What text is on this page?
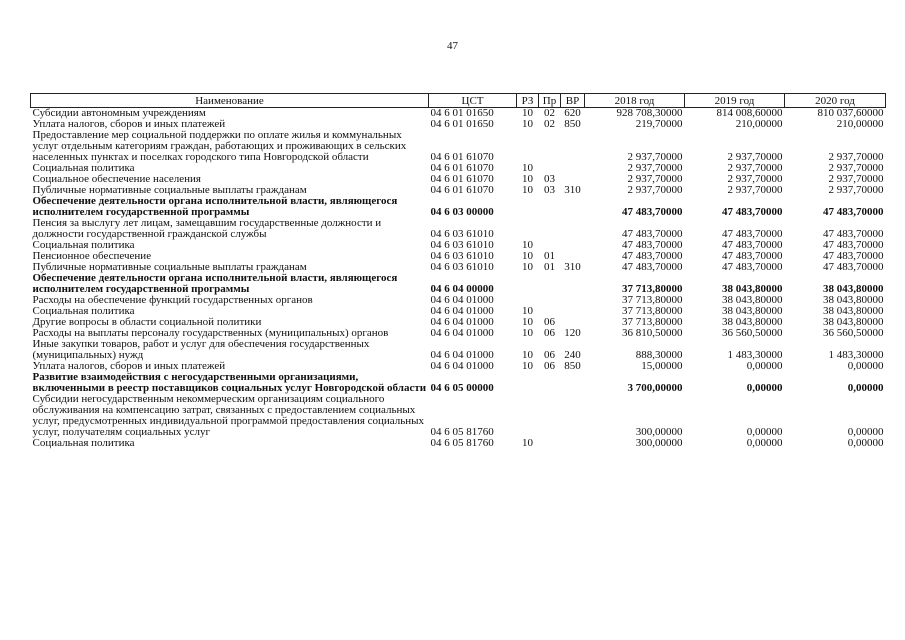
47
Наименование	ЦСТ	РЗ	Пр	ВР	2018 год	2019 год	2020 год
Субсидии автономным учреждениям	04 6 01 01650	10	02	620	928 708,30000	814 008,60000	810 037,60000
Уплата налогов, сборов и иных платежей	04 6 01 01650	10	02	850	219,70000	210,00000	210,00000
Предоставление мер социальной поддержки по оплате жилья и коммунальных услуг отдельным категориям граждан, работающих и проживающих в сельских населенных пунктах и поселках городского типа Новгородской области	04 6 01 61070				2 937,70000	2 937,70000	2 937,70000
Социальная политика	04 6 01 61070	10			2 937,70000	2 937,70000	2 937,70000
Социальное обеспечение населения	04 6 01 61070	10	03		2 937,70000	2 937,70000	2 937,70000
Публичные нормативные социальные выплаты гражданам	04 6 01 61070	10	03	310	2 937,70000	2 937,70000	2 937,70000
Обеспечение деятельности органа исполнительной власти, являющегося исполнителем государственной программы	04 6 03 00000				47 483,70000	47 483,70000	47 483,70000
Пенсия за выслугу лет лицам, замещавшим государственные должности и должности государственной гражданской службы	04 6 03 61010				47 483,70000	47 483,70000	47 483,70000
Социальная политика	04 6 03 61010	10			47 483,70000	47 483,70000	47 483,70000
Пенсионное обеспечение	04 6 03 61010	10	01		47 483,70000	47 483,70000	47 483,70000
Публичные нормативные социальные выплаты гражданам	04 6 03 61010	10	01	310	47 483,70000	47 483,70000	47 483,70000
Обеспечение деятельности органа исполнительной власти, являющегося исполнителем государственной программы	04 6 04 00000				37 713,80000	38 043,80000	38 043,80000
Расходы на обеспечение функций государственных органов	04 6 04 01000				37 713,80000	38 043,80000	38 043,80000
Социальная политика	04 6 04 01000	10			37 713,80000	38 043,80000	38 043,80000
Другие вопросы в области социальной политики	04 6 04 01000	10	06		37 713,80000	38 043,80000	38 043,80000
Расходы на выплаты персоналу государственных (муниципальных) органов	04 6 04 01000	10	06	120	36 810,50000	36 560,50000	36 560,50000
Иные закупки товаров, работ и услуг для обеспечения государственных (муниципальных) нужд	04 6 04 01000	10	06	240	888,30000	1 483,30000	1 483,30000
Уплата налогов, сборов и иных платежей	04 6 04 01000	10	06	850	15,00000	0,00000	0,00000
Развитие взаимодействия с негосударственными организациями, включенными в реестр поставщиков социальных услуг Новгородской области	04 6 05 00000				3 700,00000	0,00000	0,00000
Субсидии негосударственным некоммерческим организациям социального обслуживания на компенсацию затрат, связанных с предоставлением социальных услуг, предусмотренных индивидуальной программой предоставления социальных услуг, получателям социальных услуг	04 6 05 81760				300,00000	0,00000	0,00000
Социальная политика	04 6 05 81760	10			300,00000	0,00000	0,00000
